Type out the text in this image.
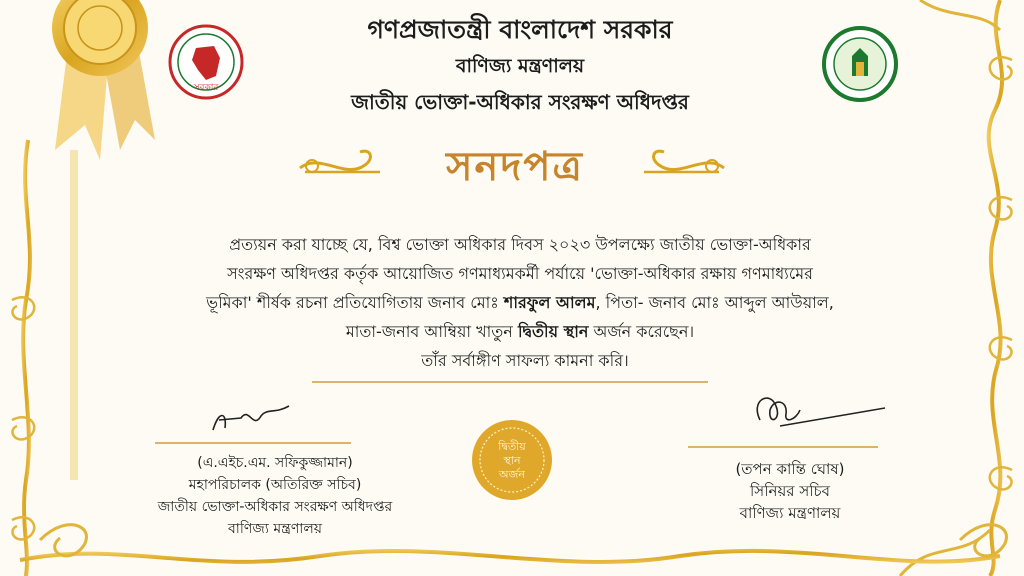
সরকার
গণপ্রজাতন্ত্রী বাংলাদেশ সরকার
বাণিজ্য মন্ত্রণালয়
জাতীয় ভোক্তা-অধিকার সংরক্ষণ অধিদপ্তর
সনদপত্র
প্রত্যয়ন করা যাচ্ছে যে, বিশ্ব ভোক্তা অধিকার দিবস ২০২৩ উপলক্ষ্যে জাতীয় ভোক্তা-অধিকার
সংরক্ষণ অধিদপ্তর কর্তৃক আয়োজিত গণমাধ্যমকর্মী পর্যায়ে 'ভোক্তা-অধিকার রক্ষায় গণমাধ্যমের
ভূমিকা' শীর্ষক রচনা প্রতিযোগিতায় জনাব মোঃ শারফুল আলম, পিতা- জনাব মোঃ আব্দুল আউয়াল,
মাতা-জনাব আম্বিয়া খাতুন দ্বিতীয় স্থান অর্জন করেছেন।
তাঁর সর্বাঙ্গীণ সাফল্য কামনা করি।
দ্বিতীয়
স্থান
অর্জন
(এ.এইচ.এম. সফিকুজ্জামান)
মহাপরিচালক (অতিরিক্ত সচিব)
জাতীয় ভোক্তা-অধিকার সংরক্ষণ অধিদপ্তর
বাণিজ্য মন্ত্রণালয়
(তপন কান্তি ঘোষ)
সিনিয়র সচিব
বাণিজ্য মন্ত্রণালয়
